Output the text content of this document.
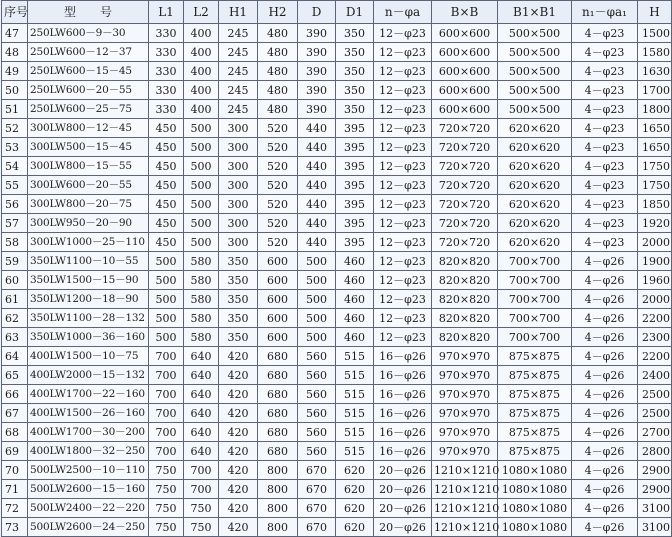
序号	型　　号	L1	L2	H1	H2	D	D1	n－φa	B×B	B1×B1	n₁－φa₁	H
47	250LW600－9－30	330	400	245	480	390	350	12－φ23	600×600	500×500	4－φ23	1500
48	250LW600－12－37	330	400	245	480	390	350	12－φ23	600×600	500×500	4－φ23	1580
49	250LW600－15－45	330	400	245	480	390	350	12－φ23	600×600	500×500	4－φ23	1630
50	250LW600－20－55	330	400	245	480	390	350	12－φ23	600×600	500×500	4－φ23	1700
51	250LW600－25－75	330	400	245	480	390	350	12－φ23	600×600	500×500	4－φ23	1800
52	300LW800－12－45	450	500	300	520	440	395	12－φ23	720×720	620×620	4－φ23	1650
53	300LW500－15－45	450	500	300	520	440	395	12－φ23	720×720	620×620	4－φ23	1650
54	300LW800－15－55	450	500	300	520	440	395	12－φ23	720×720	620×620	4－φ23	1750
55	300LW600－20－55	450	500	300	520	440	395	12－φ23	720×720	620×620	4－φ23	1750
56	300LW800－20－75	450	500	300	520	440	395	12－φ23	720×720	620×620	4－φ23	1850
57	300LW950－20－90	450	500	300	520	440	395	12－φ23	720×720	620×620	4－φ23	1920
58	300LW1000－25－110	450	500	300	520	440	395	12－φ23	720×720	620×620	4－φ23	2000
59	350LW1100－10－55	500	580	350	600	500	460	12－φ23	820×820	700×700	4－φ26	1900
60	350LW1500－15－90	500	580	350	600	500	460	12－φ23	820×820	700×700	4－φ26	1960
61	350LW1200－18－90	500	580	350	600	500	460	12－φ23	820×820	700×700	4－φ26	2000
62	350LW1100－28－132	500	580	350	600	500	460	12－φ23	820×820	700×700	4－φ26	2200
63	350LW1000－36－160	500	580	350	600	500	460	12－φ23	820×820	700×700	4－φ26	2300
64	400LW1500－10－75	700	640	420	680	560	515	16－φ26	970×970	875×875	4－φ26	2200
65	400LW2000－15－132	700	640	420	680	560	515	16－φ26	970×970	875×875	4－φ26	2400
66	400LW1700－22－160	700	640	420	680	560	515	16－φ26	970×970	875×875	4－φ26	2500
67	400LW1500－26－160	700	640	420	680	560	515	16－φ26	970×970	875×875	4－φ26	2500
68	400LW1700－30－200	700	640	420	680	560	515	16－φ26	970×970	875×875	4－φ26	2700
69	400LW1800－32－250	700	640	420	680	560	515	16－φ26	970×970	875×875	4－φ26	2800
70	500LW2500－10－110	750	700	420	800	670	620	20－φ26	1210×1210	1080×1080	4－φ26	2900
71	500LW2600－15－160	750	700	420	800	670	620	20－φ26	1210×1210	1080×1080	4－φ26	2900
72	500LW2400－22－220	750	750	420	800	670	620	20－φ26	1210×1210	1080×1080	4－φ26	3100
73	500LW2600－24－250	750	750	420	800	670	620	20－φ26	1210×1210	1080×1080	4－φ26	3100
